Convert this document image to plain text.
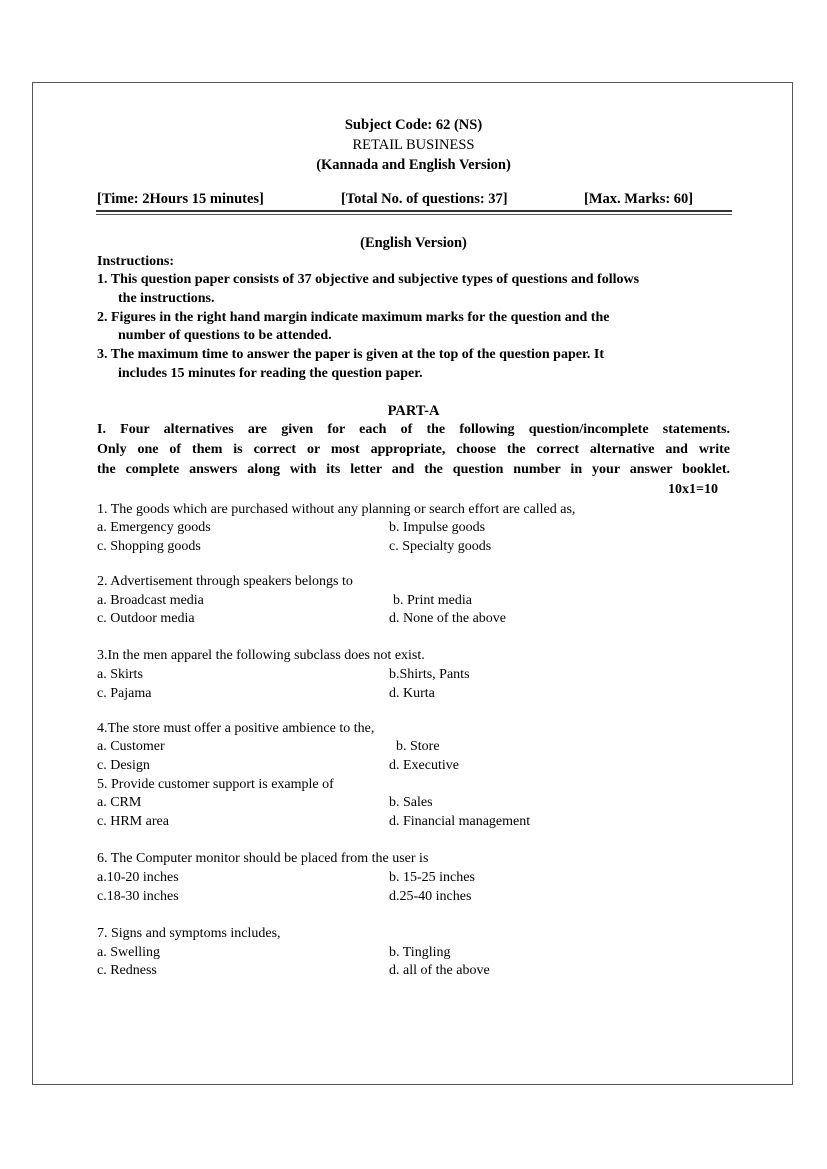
Subject Code: 62 (NS)
RETAIL BUSINESS
(Kannada and English Version)
[Time: 2Hours 15 minutes]	[Total No. of questions: 37]	[Max. Marks: 60]
(English Version)
Instructions:
1. This question paper consists of 37 objective and subjective types of questions and follows
the instructions.
2. Figures in the right hand margin indicate maximum marks for the question and the
number of questions to be attended.
3. The maximum time to answer the paper is given at the top of the question paper. It
includes 15 minutes for reading the question paper.
PART-A
I. Four alternatives are given for each of the following question/incomplete statements.
Only one of them is correct or most appropriate, choose the correct alternative and write
the complete answers along with its letter and the question number in your answer booklet.
10x1=10
1. The goods which are purchased without any planning or search effort are called as,
a. Emergency goods	b. Impulse goods
c. Shopping goods	c. Specialty goods
2. Advertisement through speakers belongs to
a. Broadcast media	b. Print media
c. Outdoor media	d. None of the above
3.In the men apparel the following subclass does not exist.
a. Skirts	b.Shirts, Pants
c. Pajama	d. Kurta
4.The store must offer a positive ambience to the,
a. Customer	b. Store
c. Design	d. Executive
5. Provide customer support is example of
a. CRM	b. Sales
c. HRM area	d. Financial management
6. The Computer monitor should be placed from the user is
a.10-20 inches	b. 15-25 inches
c.18-30 inches	d.25-40 inches
7. Signs and symptoms includes,
a. Swelling	b. Tingling
c. Redness	d. all of the above
